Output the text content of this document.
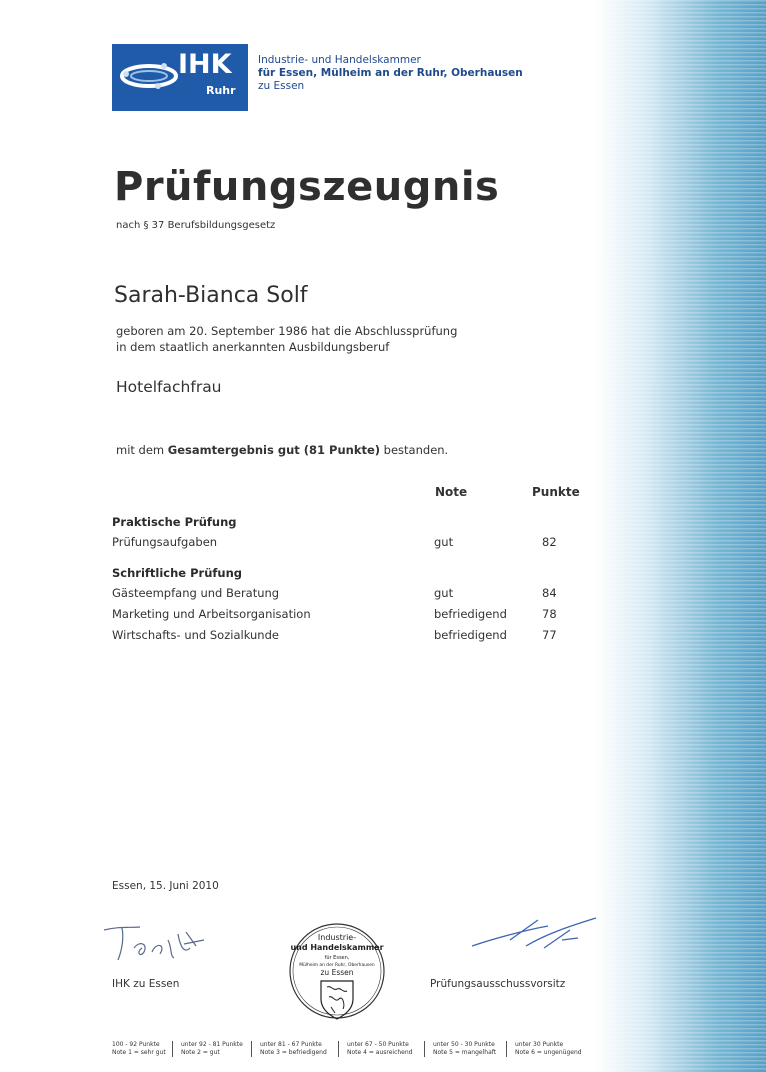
IHK
Ruhr
Industrie- und Handelskammer
für Essen, Mülheim an der Ruhr, Oberhausen
zu Essen
Prüfungszeugnis
nach § 37 Berufsbildungsgesetz
Sarah-Bianca Solf
geboren am 20. September 1986 hat die Abschlussprüfung
in dem staatlich anerkannten Ausbildungsberuf
Hotelfachfrau
mit dem Gesamtergebnis gut (81 Punkte) bestanden.
Note	Punkte
Praktische Prüfung
Prüfungsaufgaben	gut	82
Schriftliche Prüfung
Gästeempfang und Beratung	gut	84
Marketing und Arbeitsorganisation	befriedigend	78
Wirtschafts- und Sozialkunde	befriedigend	77
Essen, 15. Juni 2010
Industrie-
und Handelskammer
für Essen,
Mülheim an der Ruhr, Oberhausen
zu Essen
IHK zu Essen	Prüfungsausschussvorsitz
100 - 92 Punkte
Note 1 = sehr gut
unter 92 - 81 Punkte
Note 2 = gut
unter 81 - 67 Punkte
Note 3 = befriedigend
unter 67 - 50 Punkte
Note 4 = ausreichend
unter 50 - 30 Punkte
Note 5 = mangelhaft
unter 30 Punkte
Note 6 = ungenügend
